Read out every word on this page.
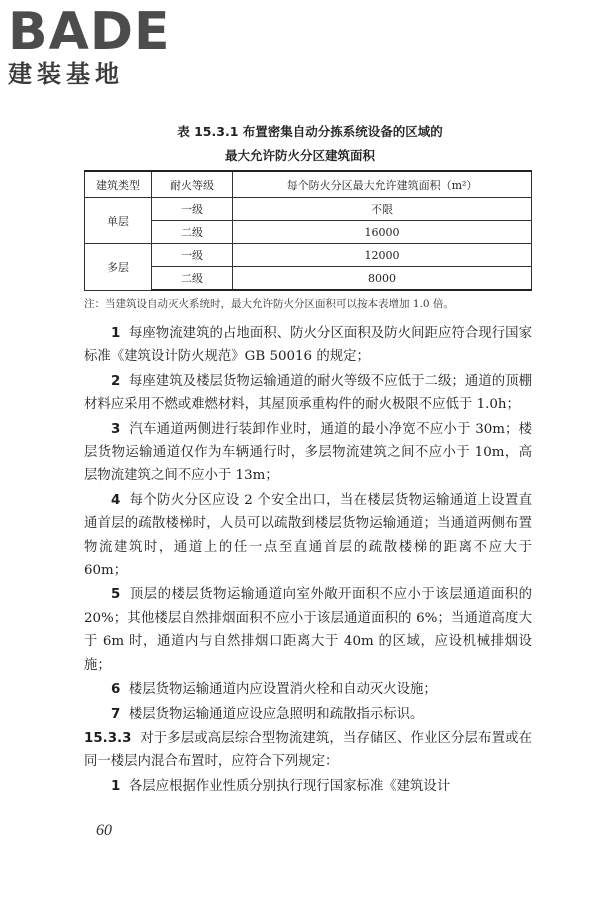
BADE
建装基地
表 15.3.1 布置密集自动分拣系统设备的区域的
最大允许防火分区建筑面积
建筑类型	耐火等级	每个防火分区最大允许建筑面积（m²）
单层	一级	不限
	二级	16000
多层	一级	12000
	二级	8000
注：当建筑设自动灭火系统时，最大允许防火分区面积可以按本表增加 1.0 倍。

1 每座物流建筑的占地面积、防火分区面积及防火间距应符合现行国家标准《建筑设计防火规范》GB 50016 的规定；

2 每座建筑及楼层货物运输通道的耐火等级不应低于二级；通道的顶棚材料应采用不燃或难燃材料，其屋顶承重构件的耐火极限不应低于 1.0h；

3 汽车通道两侧进行装卸作业时，通道的最小净宽不应小于 30m；楼层货物运输通道仅作为车辆通行时，多层物流建筑之间不应小于 10m，高层物流建筑之间不应小于 13m；

4 每个防火分区应设 2 个安全出口，当在楼层货物运输通道上设置直通首层的疏散楼梯时，人员可以疏散到楼层货物运输通道；当通道两侧布置物流建筑时，通道上的任一点至直通首层的疏散楼梯的距离不应大于 60m；

5 顶层的楼层货物运输通道向室外敞开面积不应小于该层通道面积的 20%；其他楼层自然排烟面积不应小于该层通道面积的 6%；当通道高度大于 6m 时，通道内与自然排烟口距离大于 40m 的区域，应设机械排烟设施；

6 楼层货物运输通道内应设置消火栓和自动灭火设施；

7 楼层货物运输通道应设应急照明和疏散指示标识。

15.3.3 对于多层或高层综合型物流建筑，当存储区、作业区分层布置或在同一楼层内混合布置时，应符合下列规定：

1 各层应根据作业性质分别执行现行国家标准《建筑设计

60
